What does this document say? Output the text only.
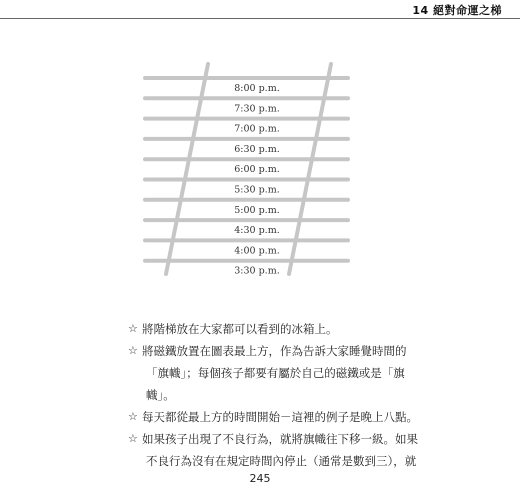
14 絕對命運之梯
8:00 p.m.
7:30 p.m.
7:00 p.m.
6:30 p.m.
6:00 p.m.
5:30 p.m.
5:00 p.m.
4:30 p.m.
4:00 p.m.
3:30 p.m.
☆ 將階梯放在大家都可以看到的冰箱上。
☆ 將磁鐵放置在圖表最上方，作為告訴大家睡覺時間的
「旗幟」；每個孩子都要有屬於自己的磁鐵或是「旗
幟」。
☆ 每天都從最上方的時間開始－這裡的例子是晚上八點。
☆ 如果孩子出現了不良行為，就將旗幟往下移一級。如果
不良行為沒有在規定時間內停止（通常是數到三），就
245
